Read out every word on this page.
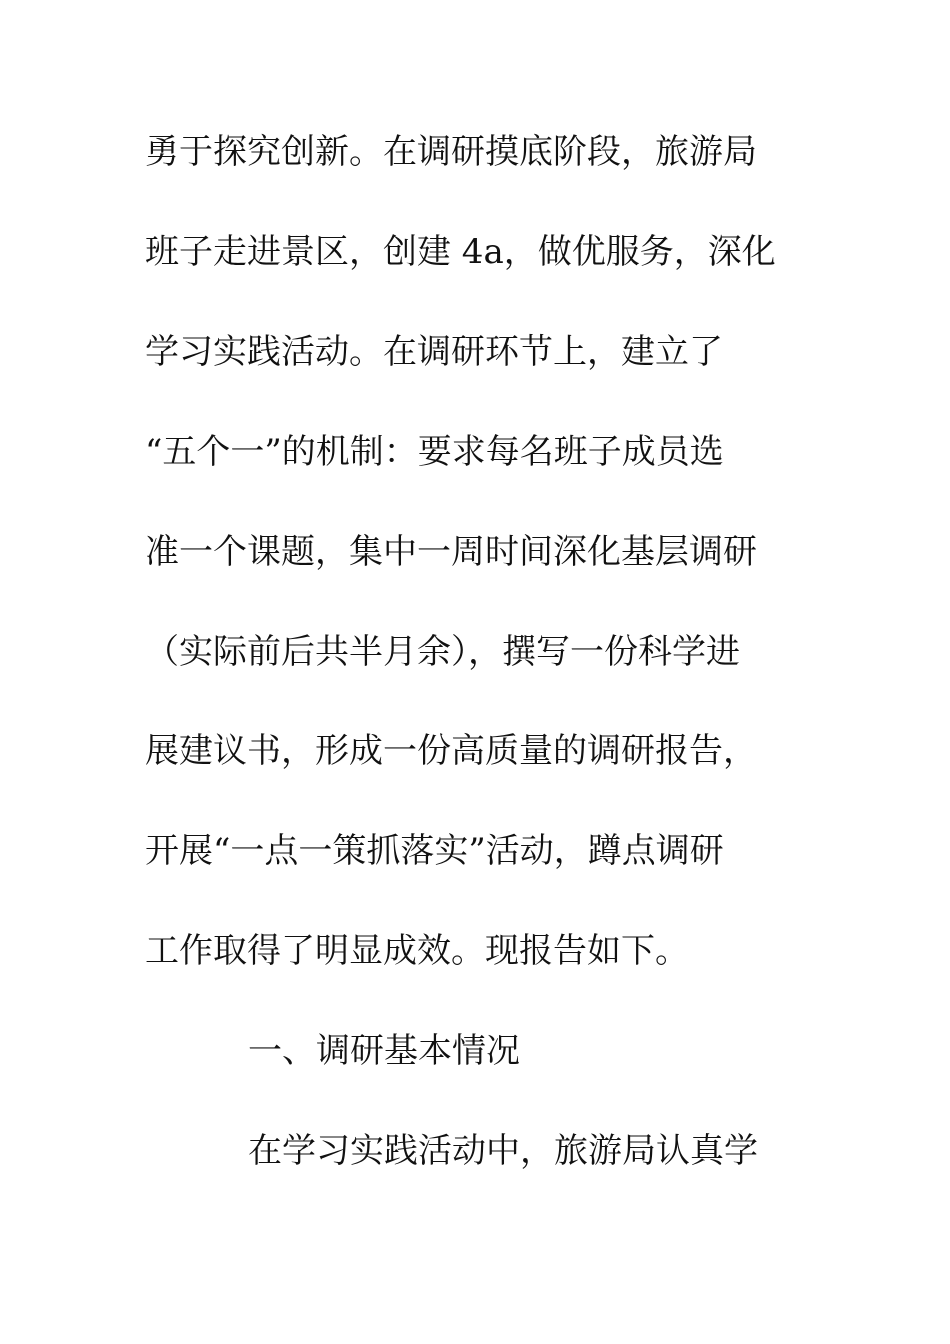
勇于探究创新。在调研摸底阶段，旅游局
班子走进景区，创建 4a，做优服务，深化
学习实践活动。在调研环节上，建立了
“五个一”的机制：要求每名班子成员选
准一个课题，集中一周时间深化基层调研
（实际前后共半月余），撰写一份科学进
展建议书，形成一份高质量的调研报告，
开展“一点一策抓落实”活动，蹲点调研
工作取得了明显成效。现报告如下。
一、调研基本情况
在学习实践活动中，旅游局认真学
